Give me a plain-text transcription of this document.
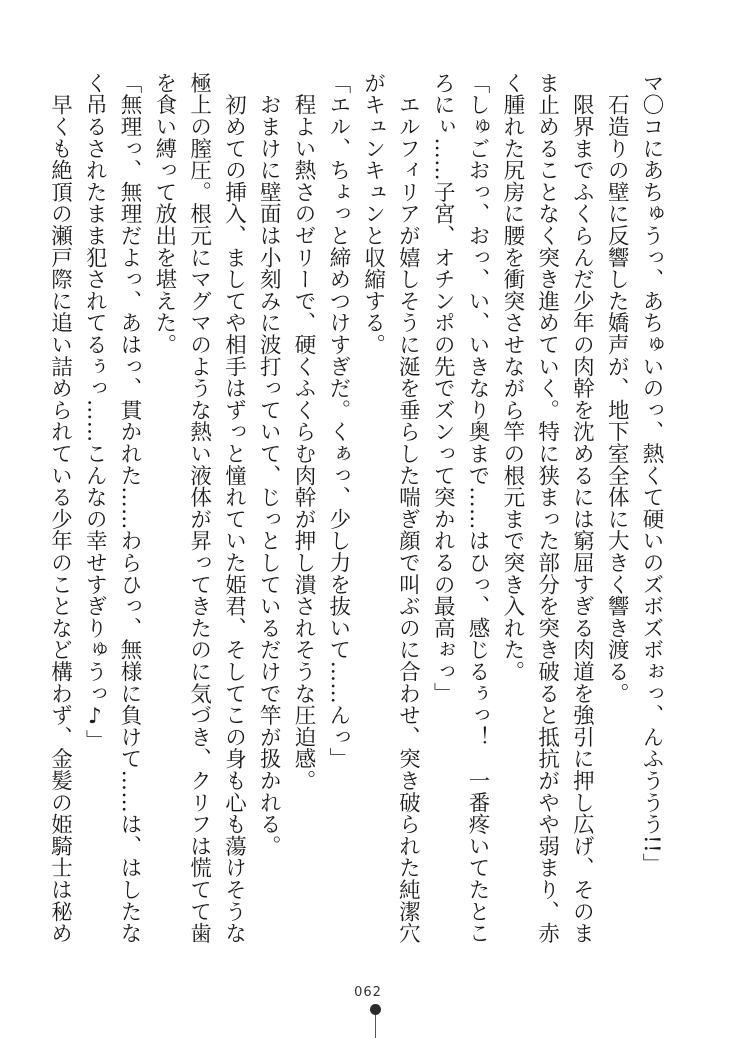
マ〇コにあちゅうっ、あちゅいのっ、熱くて硬いのズボズボぉっ、んふううう!!」

　石造りの壁に反響した嬌声が、地下室全体に大きく響き渡る。

　限界までふくらんだ少年の肉幹を沈めるには窮屈すぎる肉道を強引に押し広げ、そのま

ま止めることなく突き進めていく。特に狭まった部分を突き破ると抵抗がやや弱まり、赤

く腫れた尻房に腰を衝突させながら竿の根元まで突き入れた。

「しゅごおっ、おっ、い、いきなり奥まで……はひっ、感じるぅっ！　一番疼いてたとこ

ろにぃ……子宮、オチンポの先でズンって突かれるの最高ぉっ」

　エルフィリアが嬉しそうに涎を垂らした喘ぎ顔で叫ぶのに合わせ、突き破られた純潔穴

がキュンキュンと収縮する。

「エル、ちょっと締めつけすぎだ。くぁっ、少し力を抜いて……んっ」

　程よい熱さのゼリーで、硬くふくらむ肉幹が押し潰されそうな圧迫感。

　おまけに壁面は小刻みに波打っていて、じっとしているだけで竿が扱かれる。

　初めての挿入、ましてや相手はずっと憧れていた姫君、そしてこの身も心も蕩けそうな

極上の膣圧。根元にマグマのような熱い液体が昇ってきたのに気づき、クリフは慌てて歯

を食い縛って放出を堪えた。

「無理っ、無理だよっ、あはっ、貫かれた……わらひっ、無様に負けて……は、はしたな

く吊るされたまま犯されてるぅっ……こんなの幸せすぎりゅうっ♪」

　早くも絶頂の瀬戸際に追い詰められている少年のことなど構わず、金髪の姫騎士は秘め

062
